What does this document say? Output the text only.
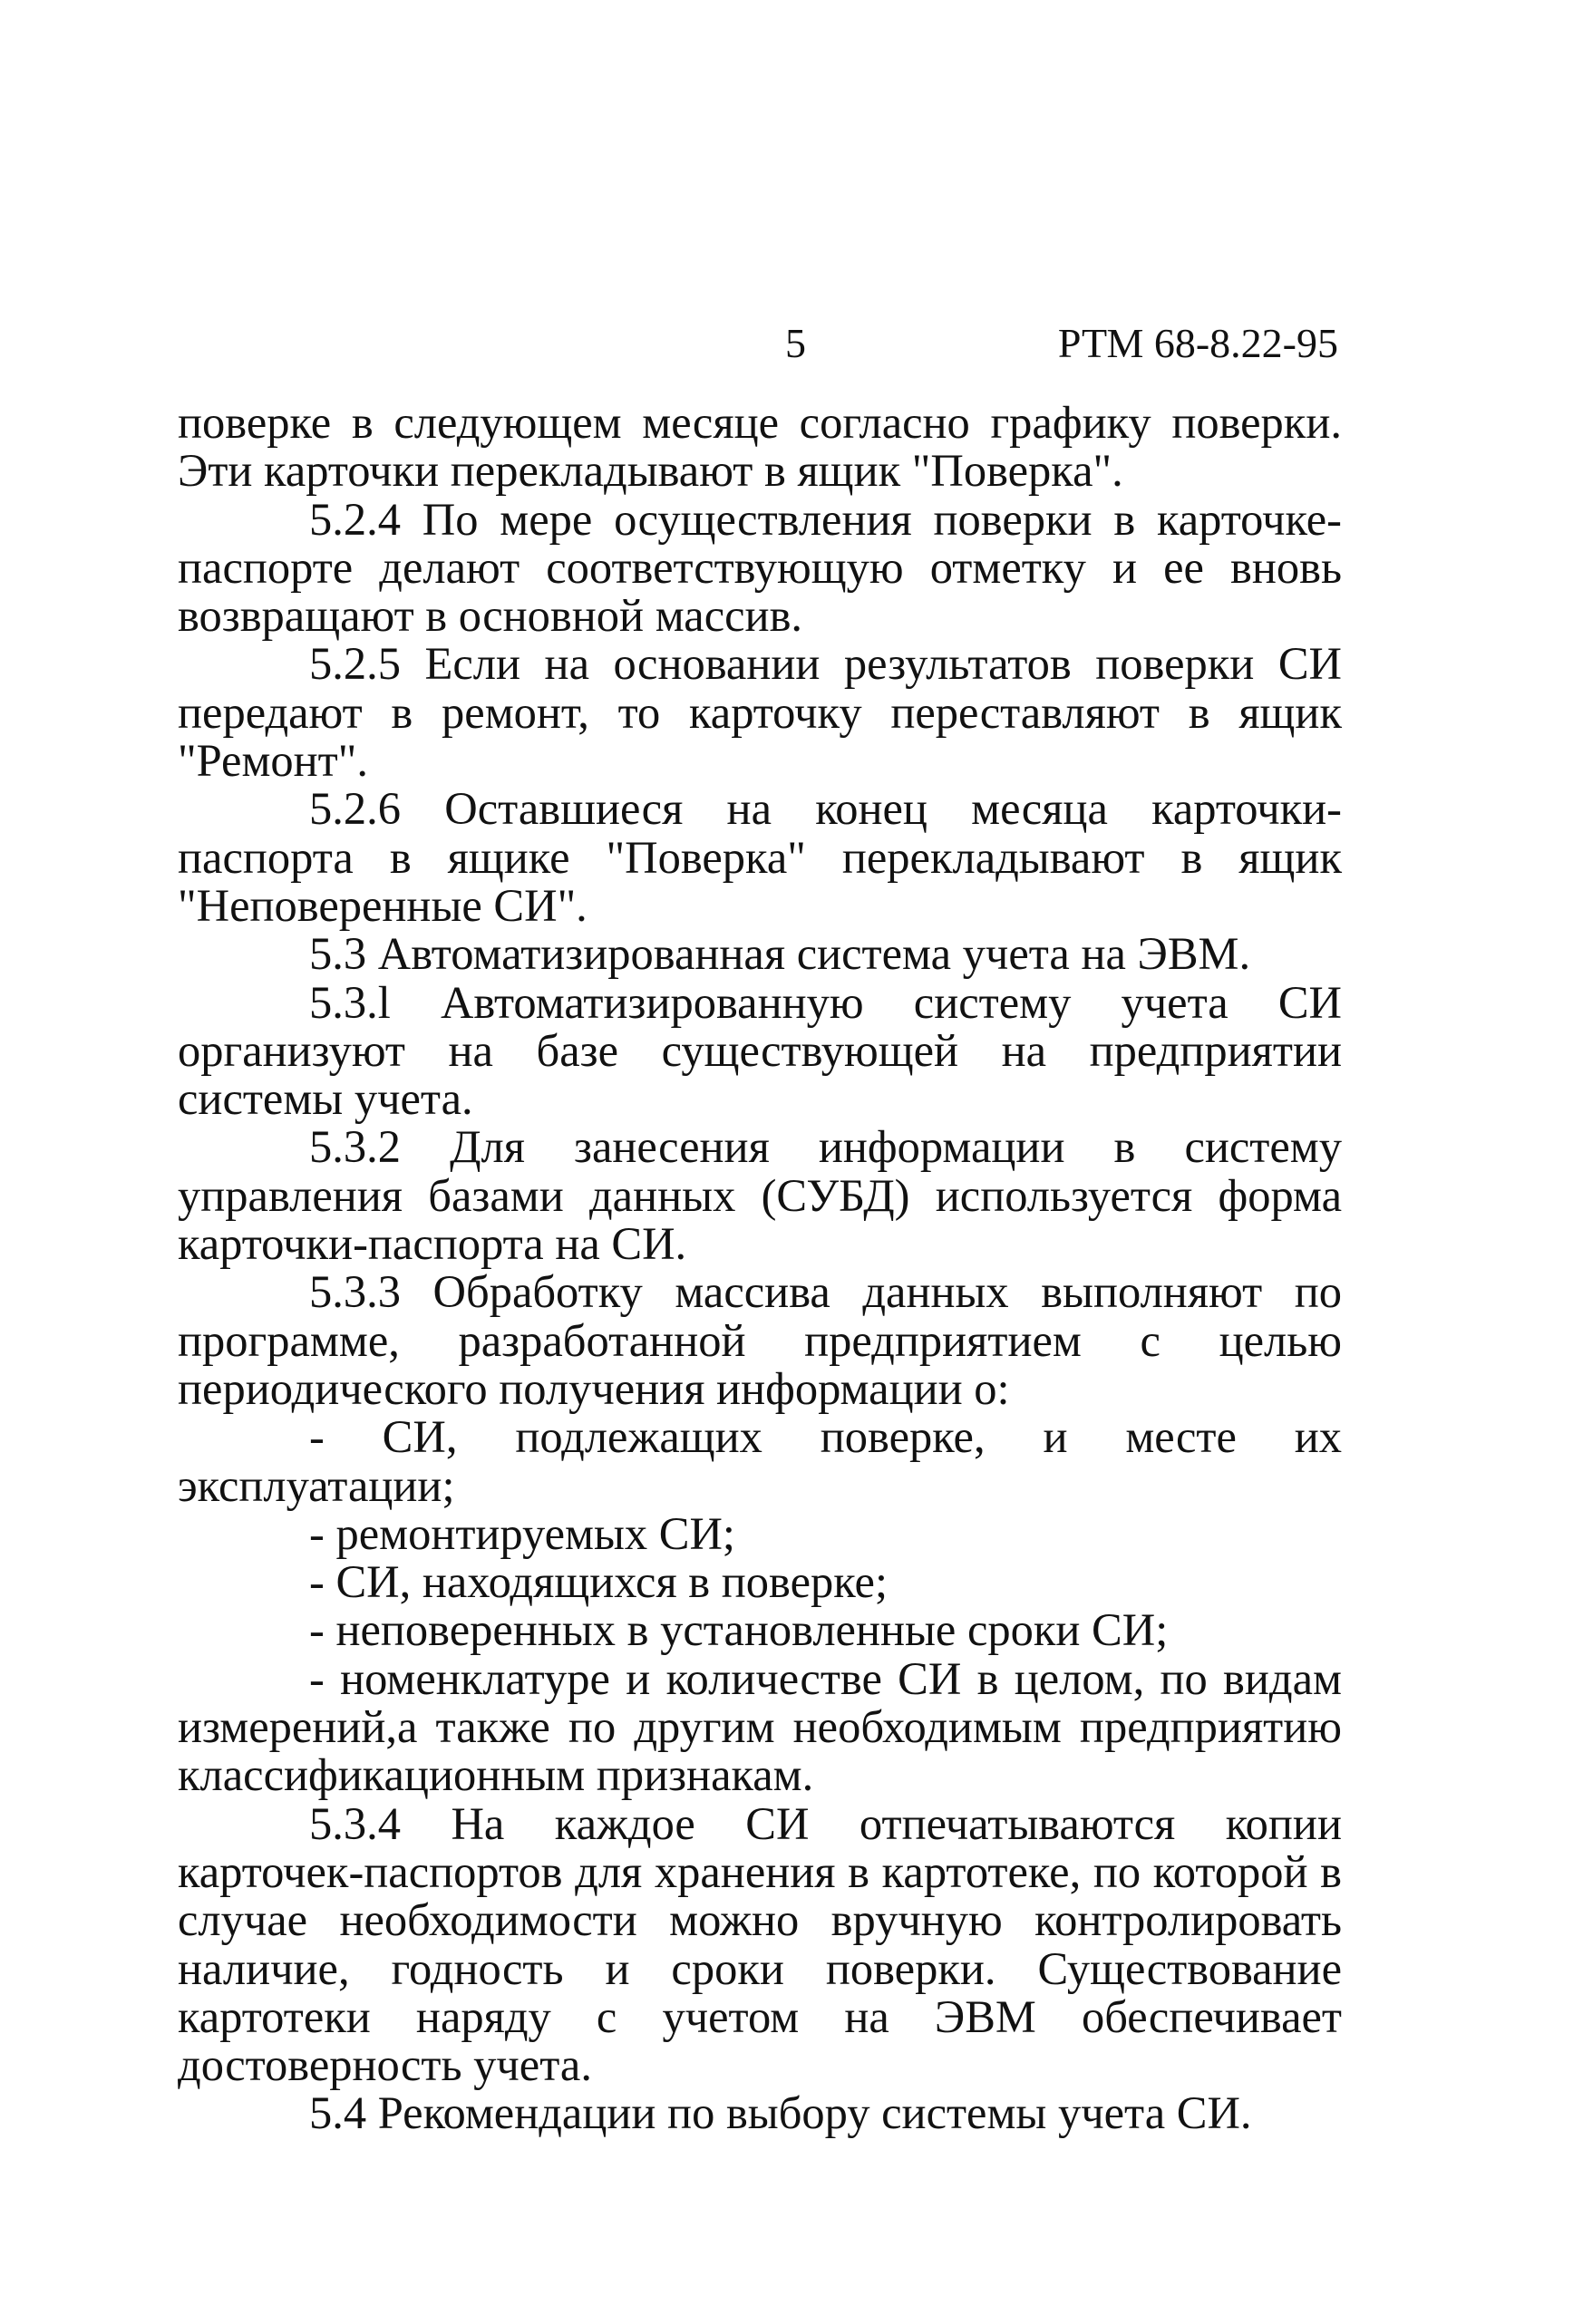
5	РТМ 68-8.22-95

поверке в следующем месяце согласно графику поверки. Эти карточки перекладывают в ящик "Поверка".

5.2.4 По мере осуществления поверки в карточке-паспорте делают соответствующую отметку и ее вновь возвращают в основной массив.

5.2.5 Если на основании результатов поверки СИ передают в ремонт, то карточку переставляют в ящик "Ремонт".

5.2.6 Оставшиеся на конец месяца карточки-паспорта в ящике "Поверка" перекладывают в ящик "Неповеренные СИ".

5.3 Автоматизированная система учета на ЭВМ.

5.3.l Автоматизированную систему учета СИ организуют на базе существующей на предприятии системы учета.

5.3.2 Для занесения информации в систему управления базами данных (СУБД) используется форма карточки-паспорта на СИ.

5.3.3 Обработку массива данных выполняют по программе, разработанной предприятием с целью периодического получения информации о:

- СИ, подлежащих поверке, и месте их эксплуатации;

- ремонтируемых СИ;

- СИ, находящихся в поверке;

- неповеренных в установленные сроки СИ;

- номенклатуре и количестве СИ в целом, по видам измерений,а также по другим необходимым предприятию классификационным признакам.

5.3.4 На каждое СИ отпечатываются копии карточек-паспортов для хранения в картотеке, по которой в случае необходимости можно вручную контролировать наличие, годность и сроки поверки. Существование картотеки наряду с учетом на ЭВМ обеспечивает достоверность учета.

5.4 Рекомендации по выбору системы учета СИ.
